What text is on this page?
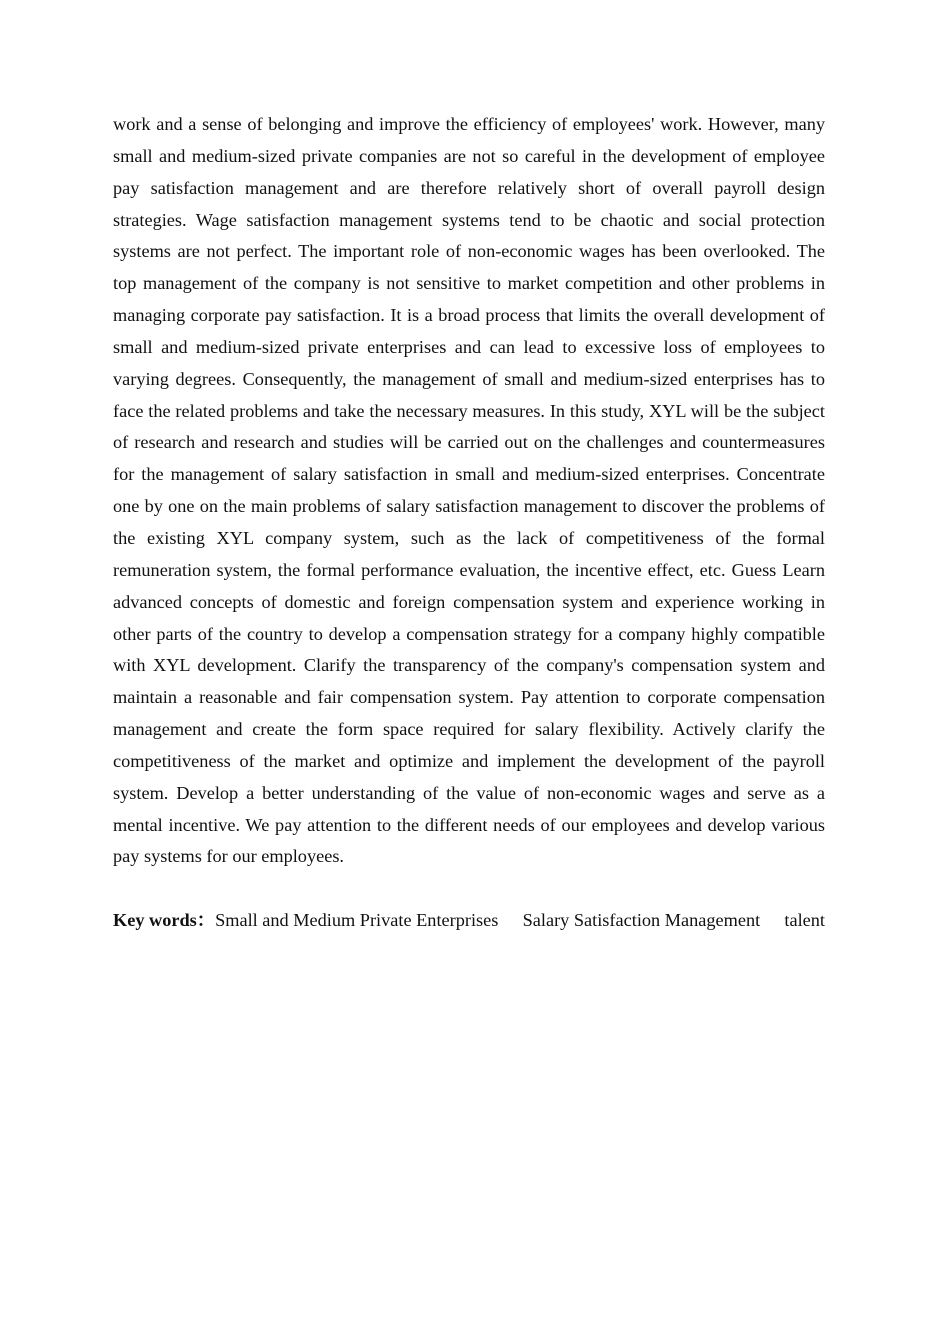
work and a sense of belonging and improve the efficiency of employees' work. However, many small and medium-sized private companies are not so careful in the development of employee pay satisfaction management and are therefore relatively short of overall payroll design strategies. Wage satisfaction management systems tend to be chaotic and social protection systems are not perfect. The important role of non-economic wages has been overlooked. The top management of the company is not sensitive to market competition and other problems in managing corporate pay satisfaction. It is a broad process that limits the overall development of small and medium-sized private enterprises and can lead to excessive loss of employees to varying degrees. Consequently, the management of small and medium-sized enterprises has to face the related problems and take the necessary measures. In this study, XYL will be the subject of research and research and studies will be carried out on the challenges and countermeasures for the management of salary satisfaction in small and medium-sized enterprises. Concentrate one by one on the main problems of salary satisfaction management to discover the problems of the existing XYL company system, such as the lack of competitiveness of the formal remuneration system, the formal performance evaluation, the incentive effect, etc. Guess Learn advanced concepts of domestic and foreign compensation system and experience working in other parts of the country to develop a compensation strategy for a company highly compatible with XYL development. Clarify the transparency of the company's compensation system and maintain a reasonable and fair compensation system. Pay attention to corporate compensation management and create the form space required for salary flexibility. Actively clarify the competitiveness of the market and optimize and implement the development of the payroll system. Develop a better understanding of the value of non-economic wages and serve as a mental incentive. We pay attention to the different needs of our employees and develop various pay systems for our employees.

Key words：Small and Medium Private Enterprises Salary Satisfaction Management talent
